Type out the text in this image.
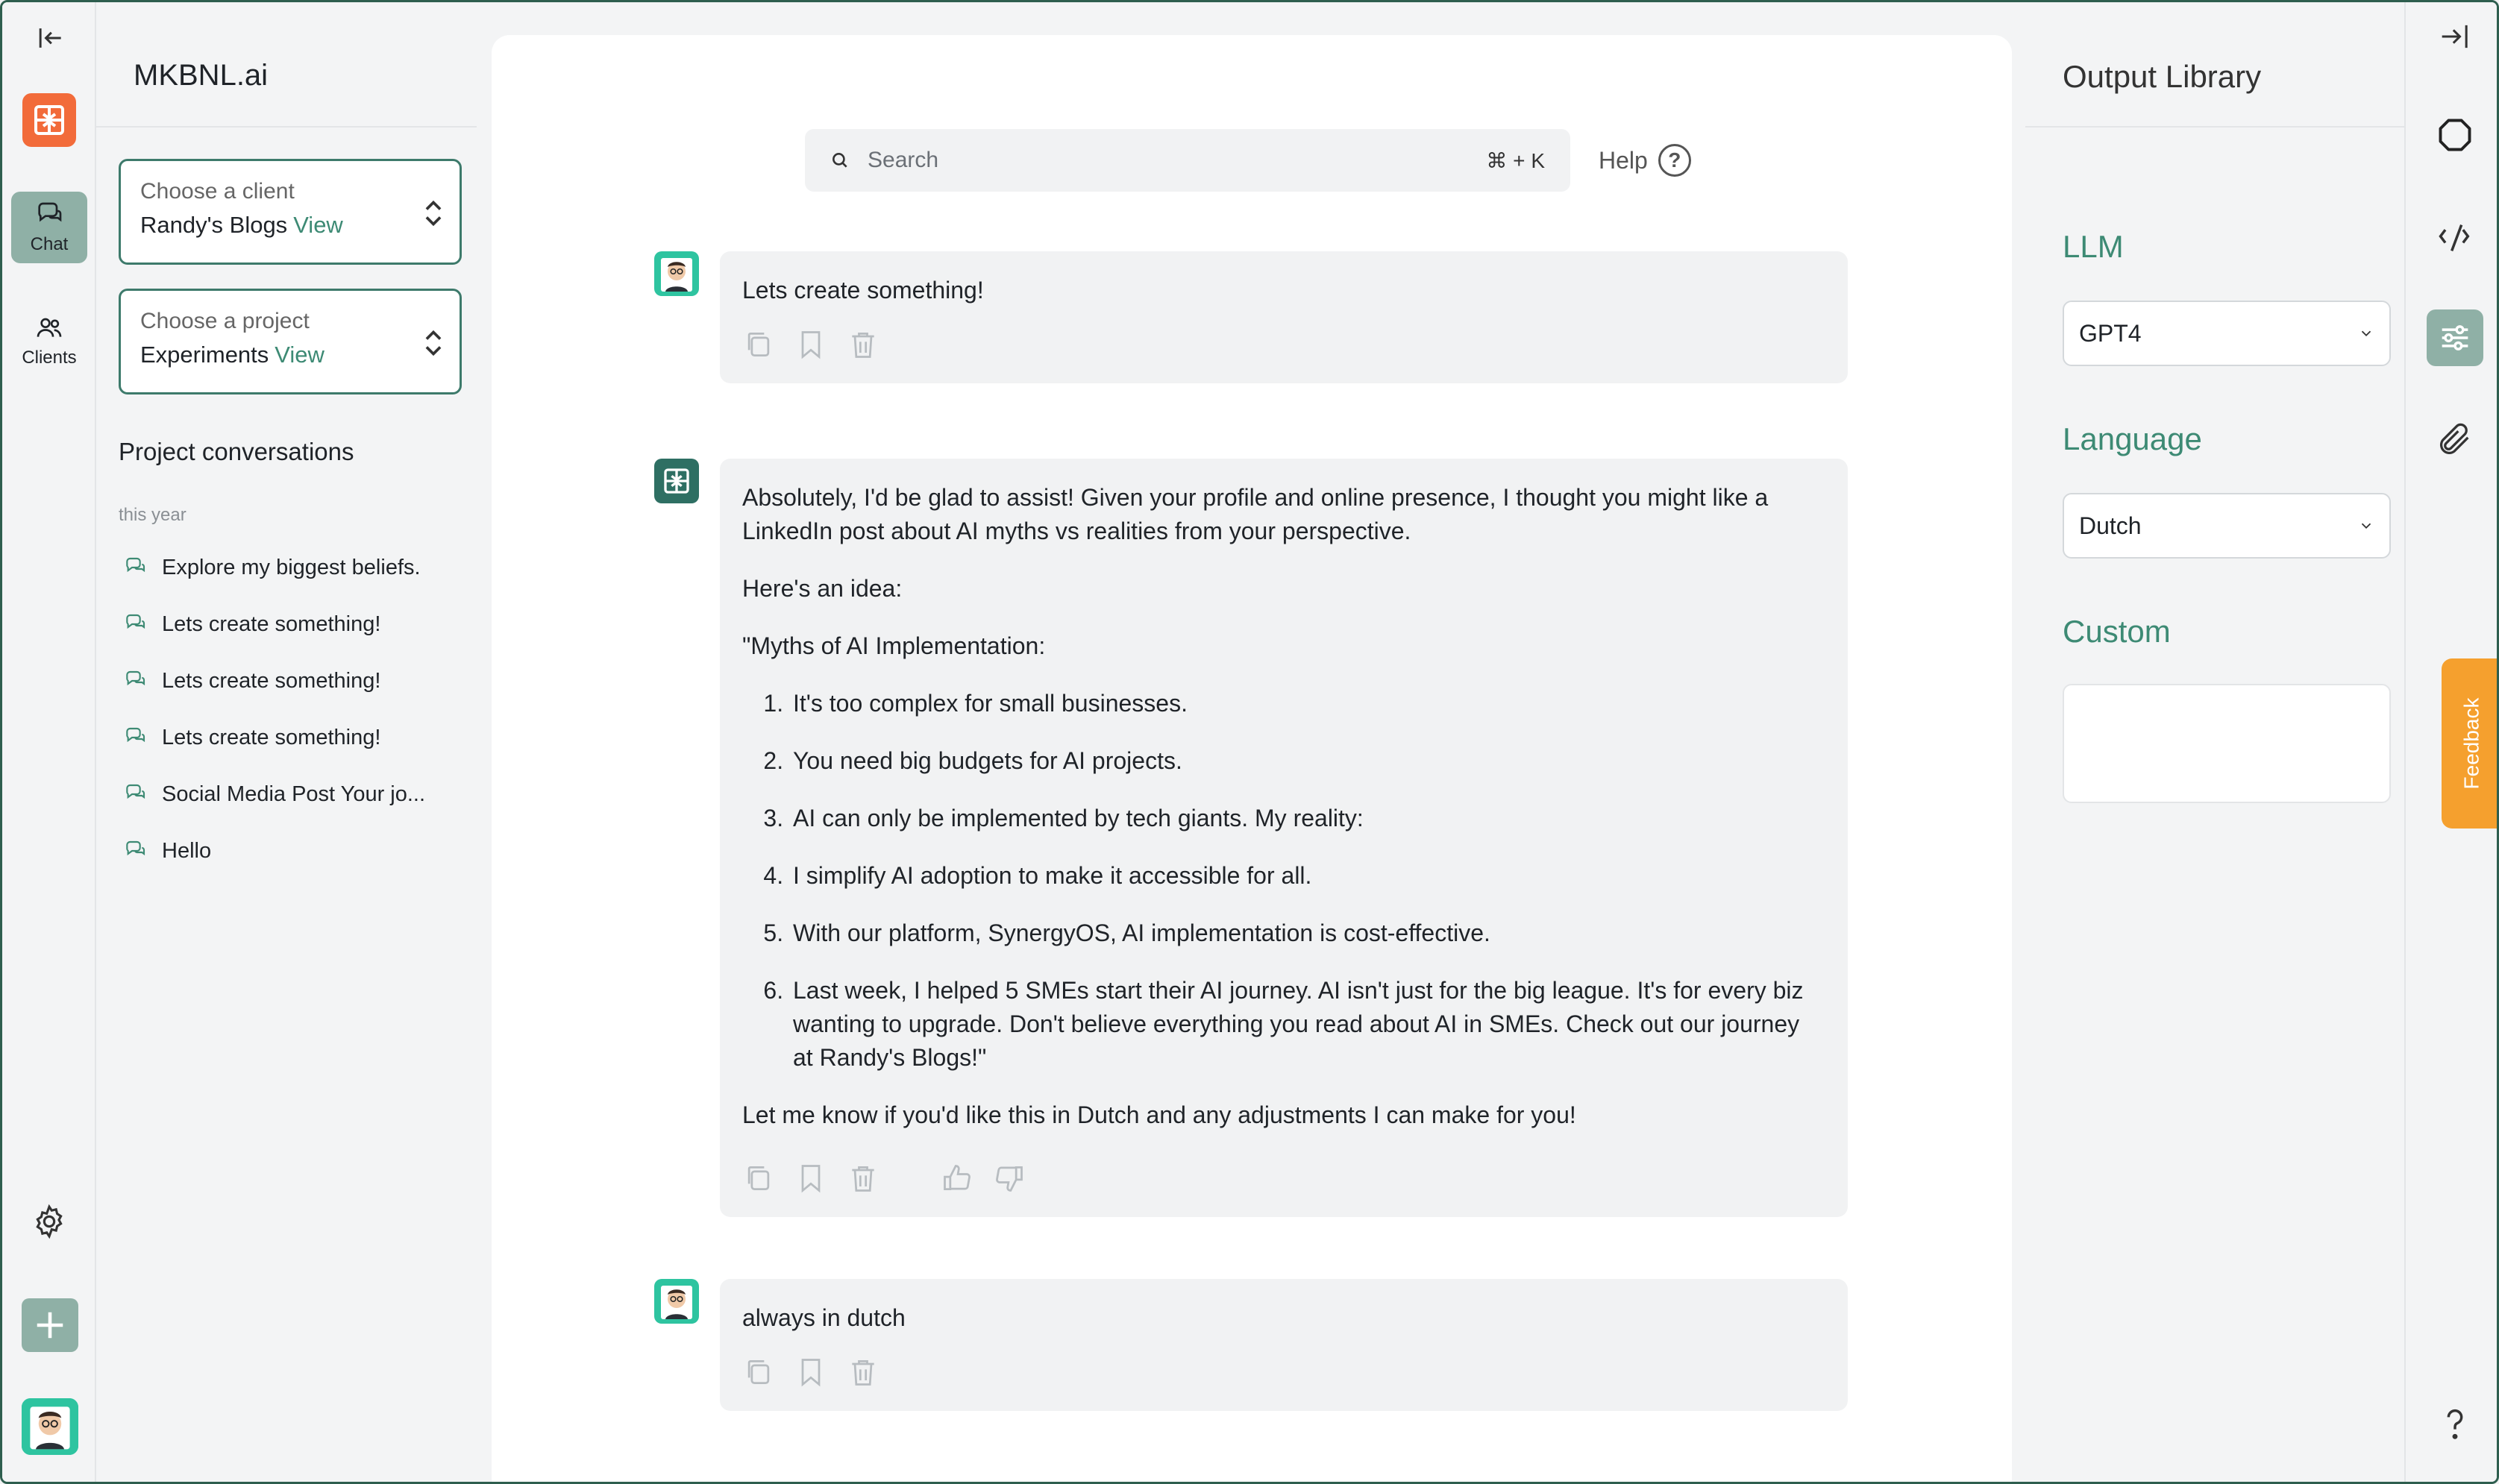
Chat
Clients
MKBNL.ai
Choose a client
Randy's Blogs View
Choose a project
Experiments View
Project conversations
this year
Explore my biggest beliefs.
Lets create something!
Lets create something!
Lets create something!
Social Media Post Your jo...
Hello
Search	⌘ + K Help ?

Lets create something!

Absolutely, I'd be glad to assist! Given your profile and online presence, I thought you might like a LinkedIn post about AI myths vs realities from your perspective.

Here's an idea:

"Myths of AI Implementation:

1. It's too complex for small businesses.
2. You need big budgets for AI projects.
3. AI can only be implemented by tech giants. My reality:
4. I simplify AI adoption to make it accessible for all.
5. With our platform, SynergyOS, AI implementation is cost-effective.
6. Last week, I helped 5 SMEs start their AI journey. AI isn't just for the big league. It's for every biz wanting to upgrade. Don't believe everything you read about AI in SMEs. Check out our journey at Randy's Blogs!"

Let me know if you'd like this in Dutch and any adjustments I can make for you!

always in dutch

Output Library
LLM
GPT4
Language
Dutch
Custom
Feedback
